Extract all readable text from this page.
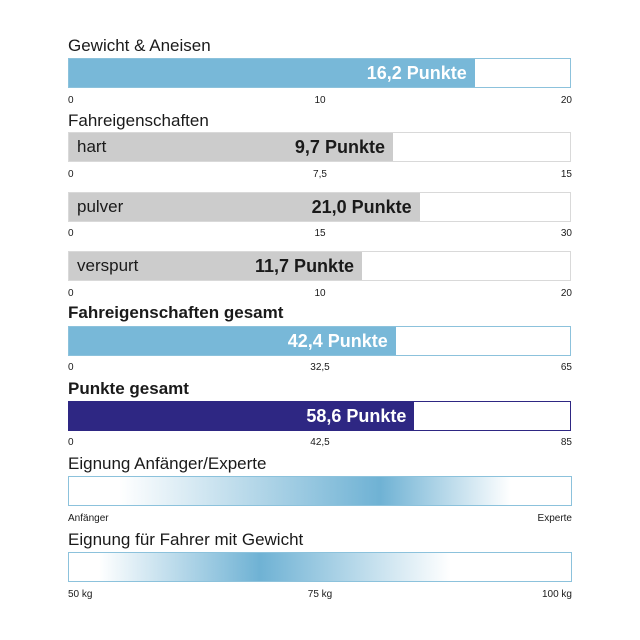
Gewicht & Aneisen
16,2 Punkte
0	10	20
Fahreigenschaften
9,7 Punkte
hart
0	7,5	15
21,0 Punkte
pulver
0	15	30
11,7 Punkte
verspurt
0	10	20
Fahreigenschaften gesamt
42,4 Punkte
0	32,5	65
Punkte gesamt
58,6 Punkte
0	42,5	85
Eignung Anfänger/Experte
Anfänger	Experte
Eignung für Fahrer mit Gewicht
50 kg	75 kg	100 kg
